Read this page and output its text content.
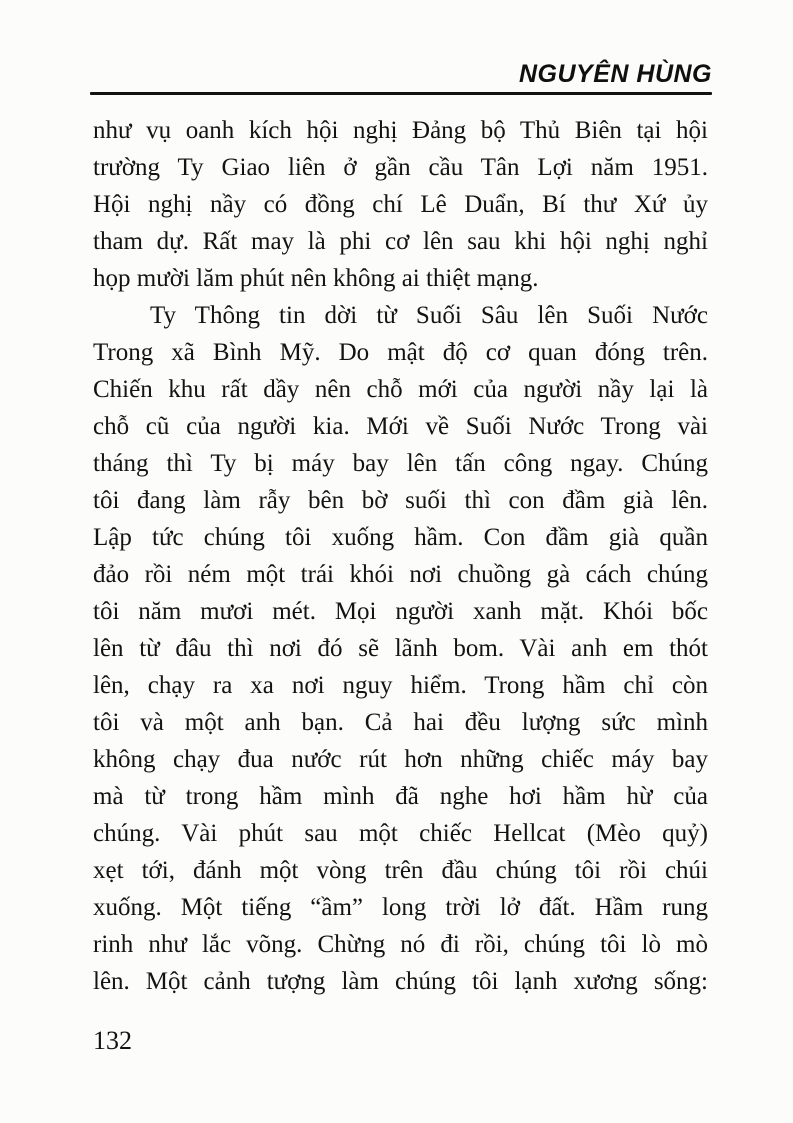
NGUYÊN HÙNG
như vụ oanh kích hội nghị Đảng bộ Thủ Biên tại hội
trường Ty Giao liên ở gần cầu Tân Lợi năm 1951.
Hội nghị nầy có đồng chí Lê Duẩn, Bí thư Xứ ủy
tham dự. Rất may là phi cơ lên sau khi hội nghị nghỉ
họp mười lăm phút nên không ai thiệt mạng.
Ty Thông tin dời từ Suối Sâu lên Suối Nước
Trong xã Bình Mỹ. Do mật độ cơ quan đóng trên.
Chiến khu rất dầy nên chỗ mới của người nầy lại là
chỗ cũ của người kia. Mới về Suối Nước Trong vài
tháng thì Ty bị máy bay lên tấn công ngay. Chúng
tôi đang làm rẫy bên bờ suối thì con đầm già lên.
Lập tức chúng tôi xuống hầm. Con đầm già quần
đảo rồi ném một trái khói nơi chuồng gà cách chúng
tôi năm mươi mét. Mọi người xanh mặt. Khói bốc
lên từ đâu thì nơi đó sẽ lãnh bom. Vài anh em thót
lên, chạy ra xa nơi nguy hiểm. Trong hầm chỉ còn
tôi và một anh bạn. Cả hai đều lượng sức mình
không chạy đua nước rút hơn những chiếc máy bay
mà từ trong hầm mình đã nghe hơi hầm hừ của
chúng. Vài phút sau một chiếc Hellcat (Mèo quỷ)
xẹt tới, đánh một vòng trên đầu chúng tôi rồi chúi
xuống. Một tiếng “ầm” long trời lở đất. Hầm rung
rinh như lắc võng. Chừng nó đi rồi, chúng tôi lò mò
lên. Một cảnh tượng làm chúng tôi lạnh xương sống:
132
